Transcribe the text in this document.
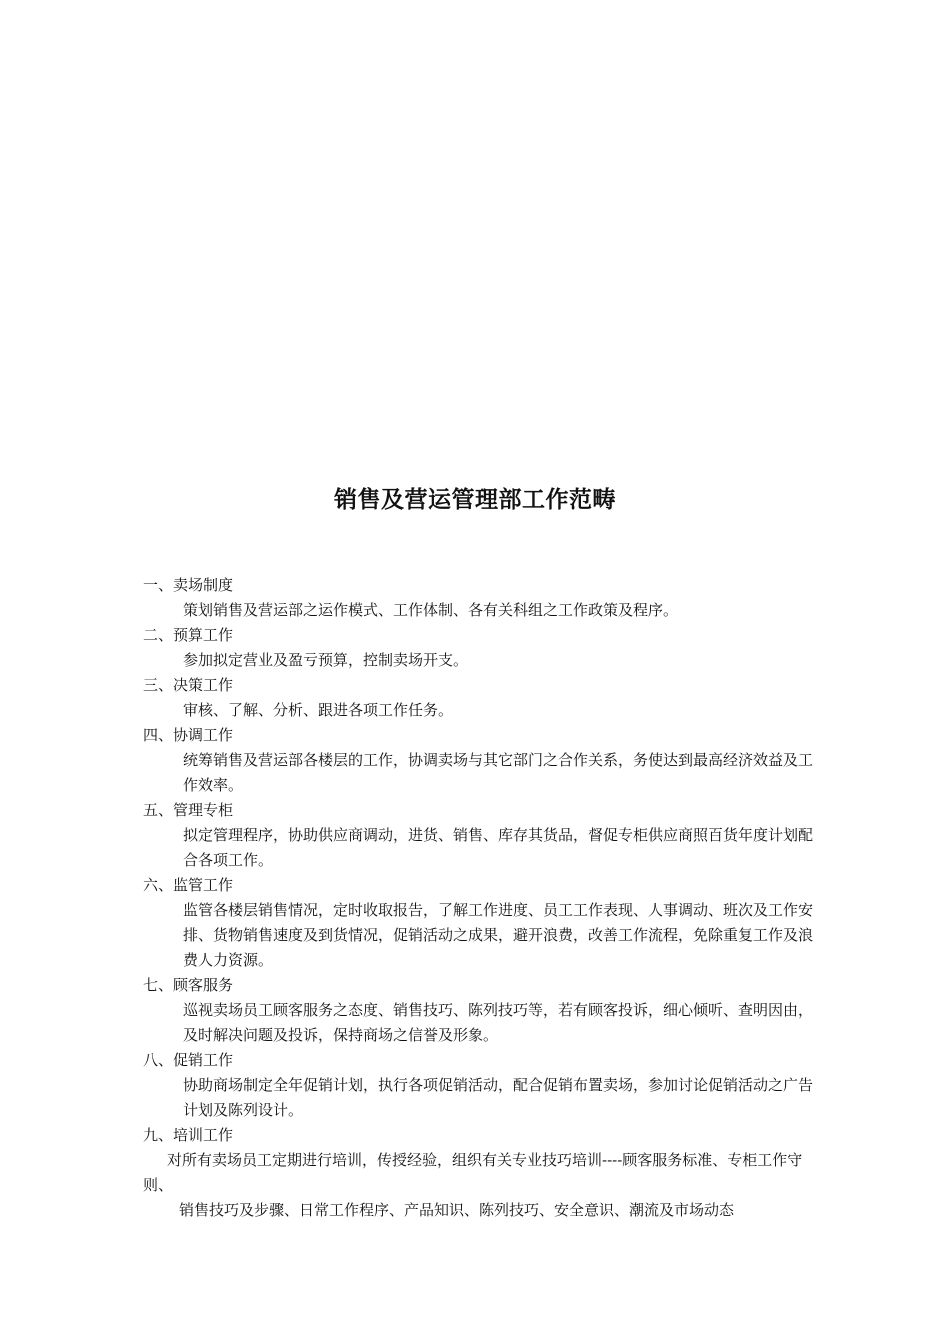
销售及营运管理部工作范畴

一、卖场制度

策划销售及营运部之运作模式、工作体制、各有关科组之工作政策及程序。

二、预算工作

参加拟定营业及盈亏预算，控制卖场开支。

三、决策工作

审核、了解、分析、跟进各项工作任务。

四、协调工作

统筹销售及营运部各楼层的工作，协调卖场与其它部门之合作关系，务使达到最高经济效益及工作效率。

五、管理专柜

拟定管理程序，协助供应商调动，进货、销售、库存其货品，督促专柜供应商照百货年度计划配合各项工作。

六、监管工作

监管各楼层销售情况，定时收取报告，了解工作进度、员工工作表现、人事调动、班次及工作安排、货物销售速度及到货情况，促销活动之成果，避开浪费，改善工作流程，免除重复工作及浪费人力资源。

七、顾客服务

巡视卖场员工顾客服务之态度、销售技巧、陈列技巧等，若有顾客投诉，细心倾听、查明因由，及时解决问题及投诉，保持商场之信誉及形象。

八、促销工作

协助商场制定全年促销计划，执行各项促销活动，配合促销布置卖场，参加讨论促销活动之广告计划及陈列设计。

九、培训工作

对所有卖场员工定期进行培训，传授经验，组织有关专业技巧培训----顾客服务标准、专柜工作守则、

销售技巧及步骤、日常工作程序、产品知识、陈列技巧、安全意识、潮流及市场动态
